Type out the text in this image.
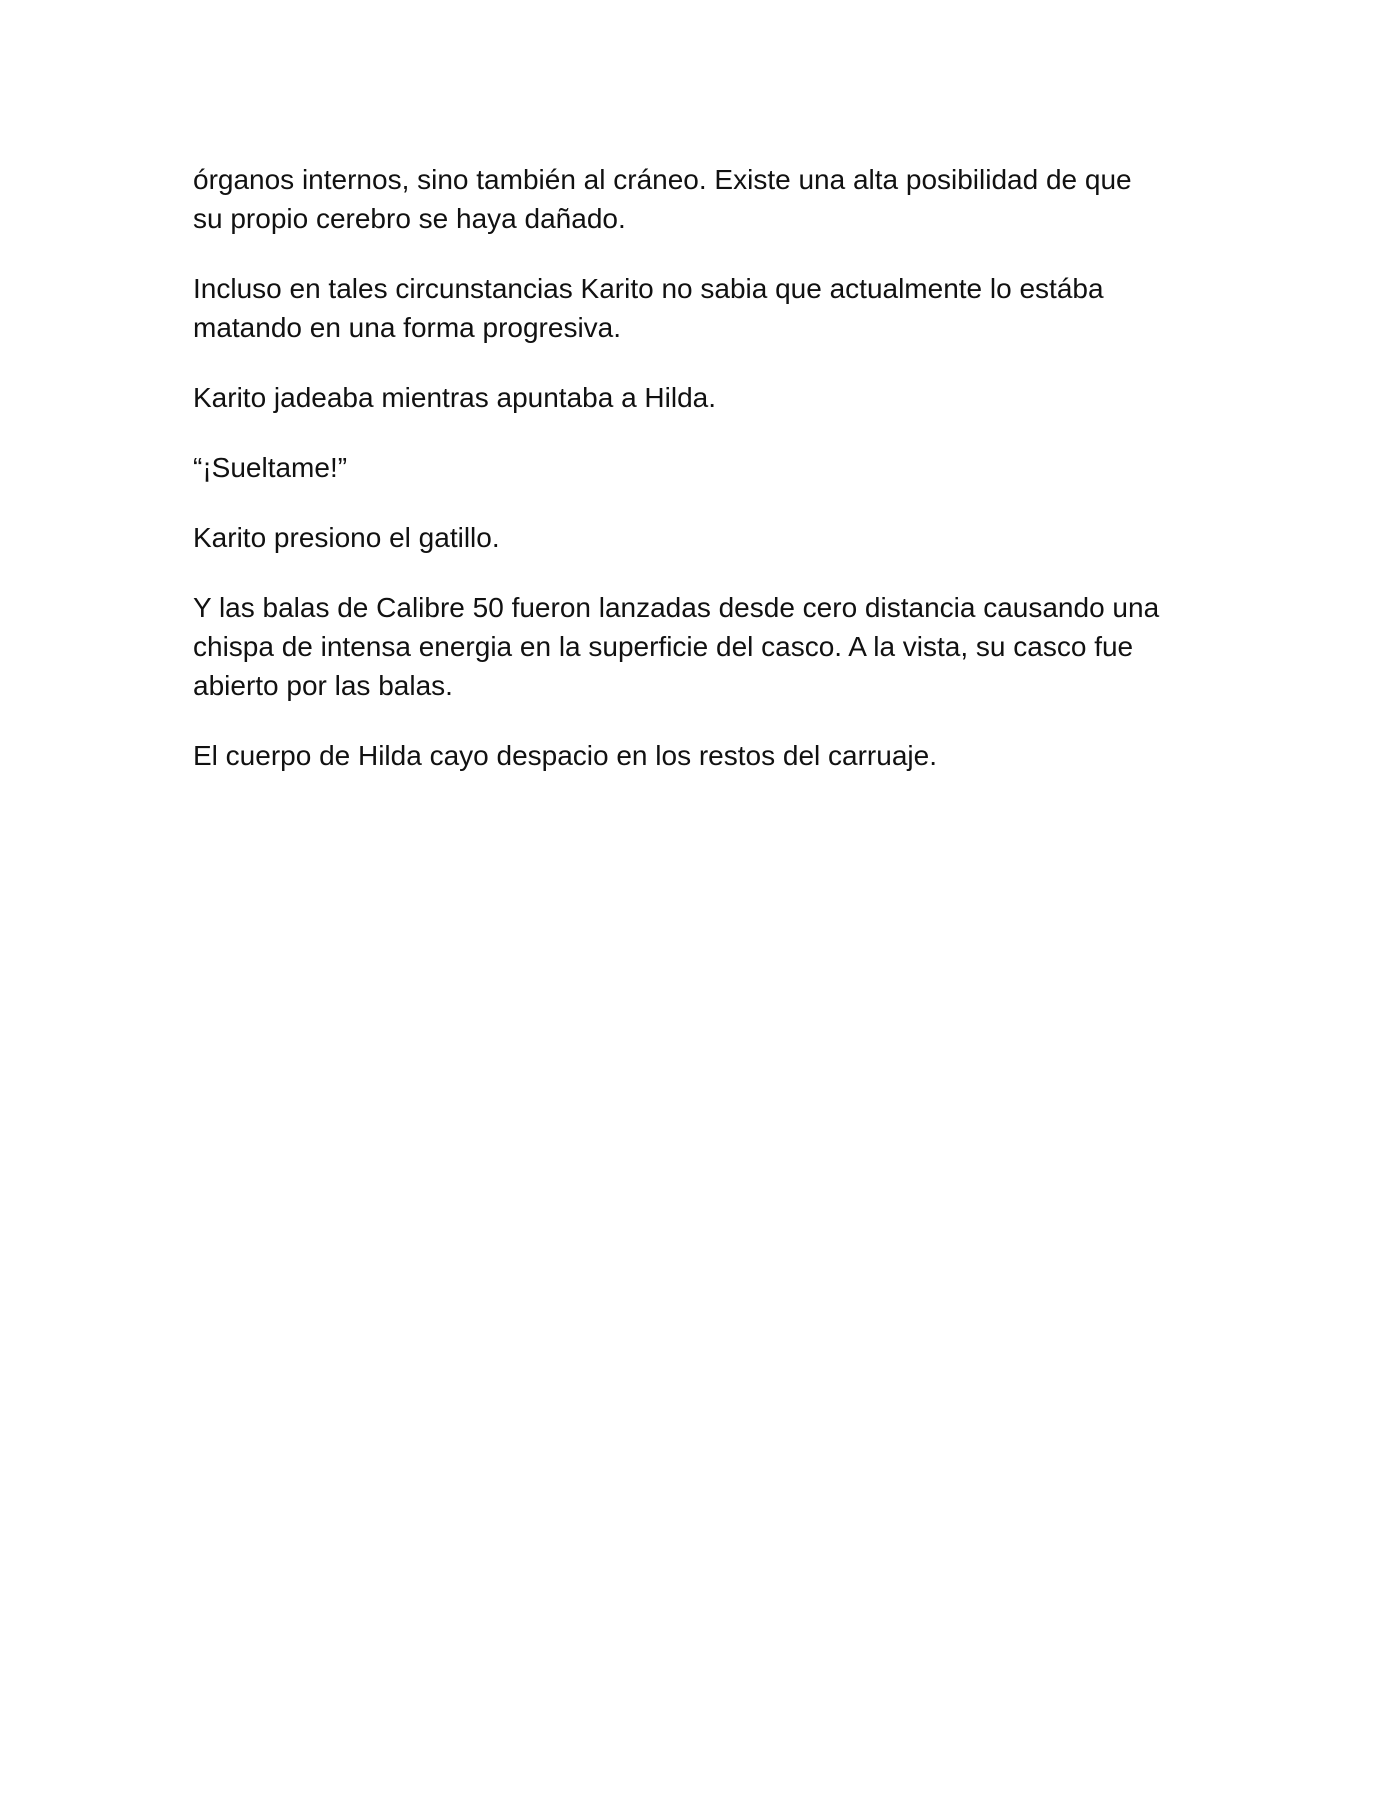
órganos internos, sino también al cráneo. Existe una alta posibilidad de que
su propio cerebro se haya dañado.

Incluso en tales circunstancias Karito no sabia que actualmente lo estába
matando en una forma progresiva.

Karito jadeaba mientras apuntaba a Hilda.

“¡Sueltame!”

Karito presiono el gatillo.

Y las balas de Calibre 50 fueron lanzadas desde cero distancia causando una
chispa de intensa energia en la superficie del casco. A la vista, su casco fue
abierto por las balas.

El cuerpo de Hilda cayo despacio en los restos del carruaje.
